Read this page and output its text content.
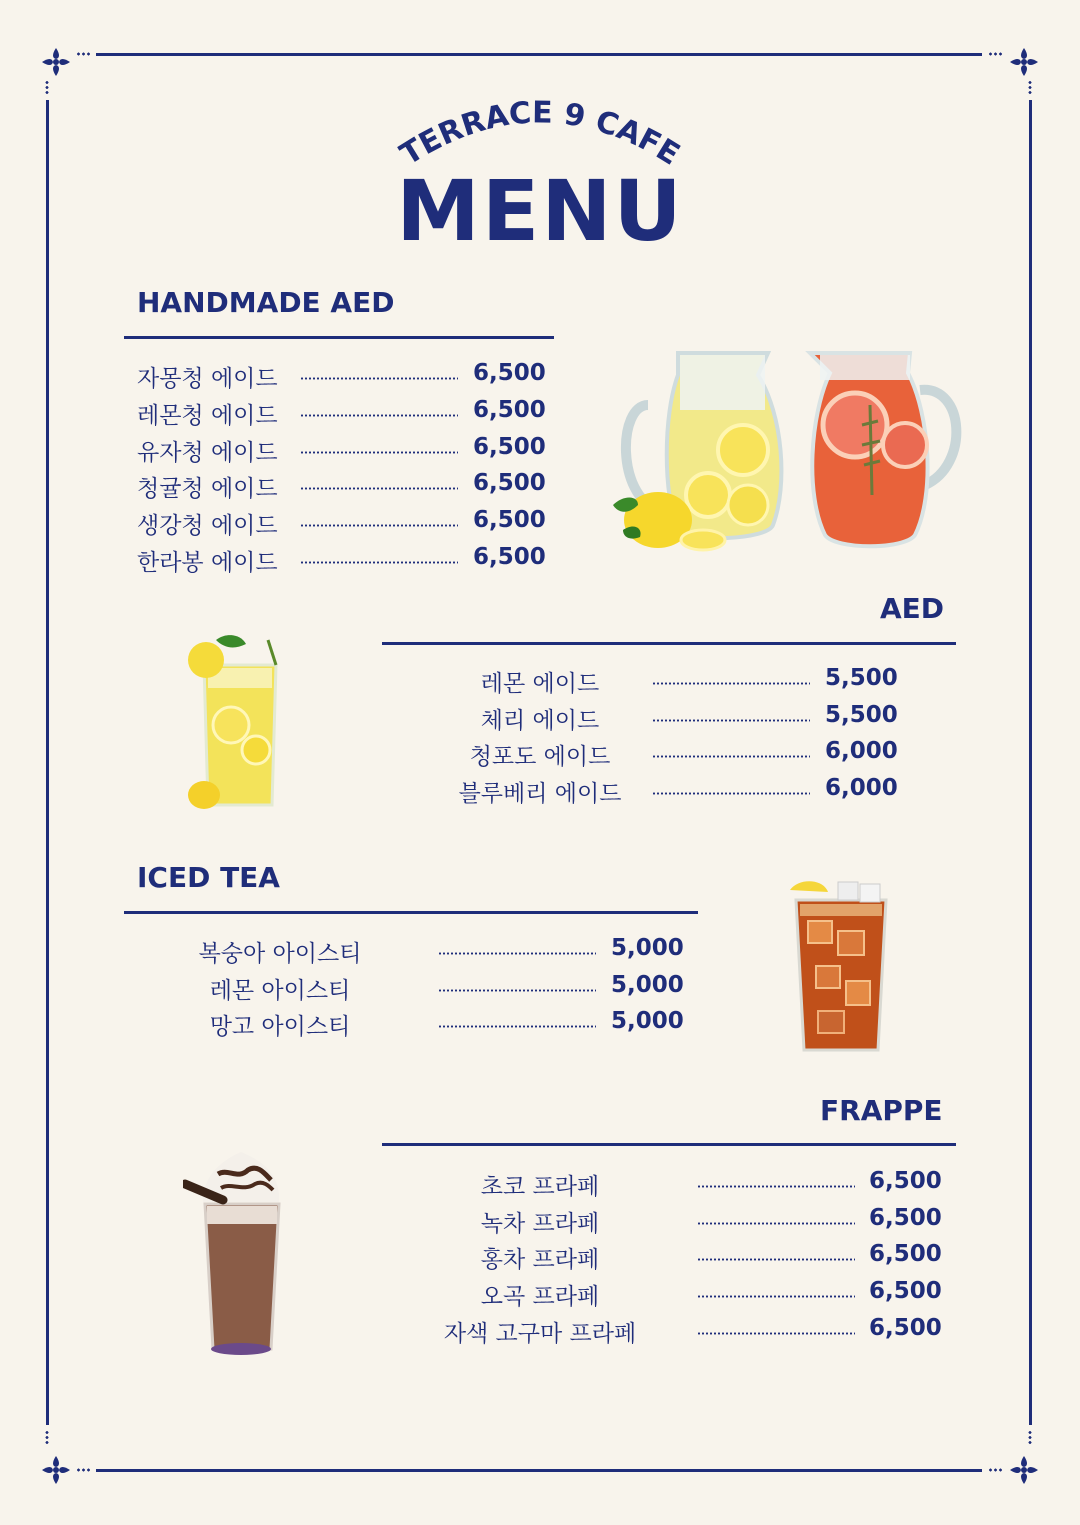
TERRACE 9 CAFE
MENU
HANDMADE AED
자몽청 에이드	6,500
레몬청 에이드	6,500
유자청 에이드	6,500
청귤청 에이드	6,500
생강청 에이드	6,500
한라봉 에이드	6,500
AED
레몬 에이드	5,500
체리 에이드	5,500
청포도 에이드	6,000
블루베리 에이드	6,000
ICED TEA
복숭아 아이스티	5,000
레몬 아이스티	5,000
망고 아이스티	5,000
FRAPPE
초코 프라페	6,500
녹차 프라페	6,500
홍차 프라페	6,500
오곡 프라페	6,500
자색 고구마 프라페	6,500
